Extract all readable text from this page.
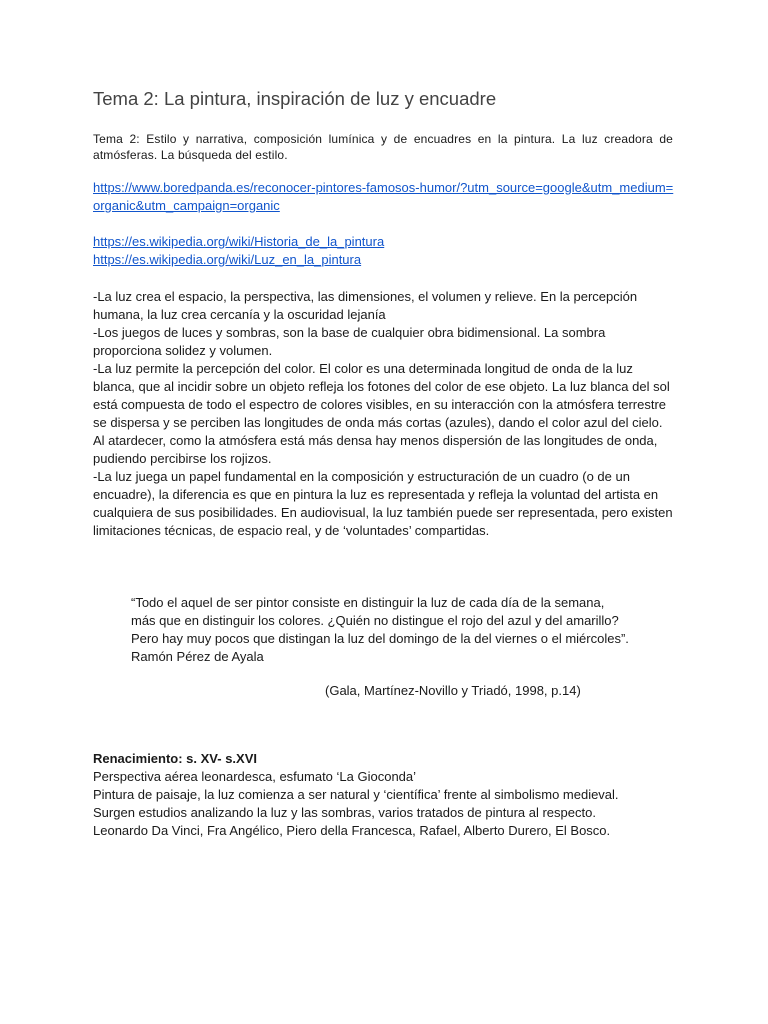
Tema 2: La pintura, inspiración de luz y encuadre

Tema 2: Estilo y narrativa, composición lumínica y de encuadres en la pintura. La luz creadora de atmósferas. La búsqueda del estilo.

https://www.boredpanda.es/reconocer-pintores-famosos-humor/?utm_source=google&utm_medium=organic&utm_campaign=organic
https://es.wikipedia.org/wiki/Historia_de_la_pintura
https://es.wikipedia.org/wiki/Luz_en_la_pintura

-La luz crea el espacio, la perspectiva, las dimensiones, el volumen y relieve. En la percepción humana, la luz crea cercanía y la oscuridad lejanía

-Los juegos de luces y sombras, son la base de cualquier obra bidimensional. La sombra proporciona solidez y volumen.

-La luz permite la percepción del color. El color es una determinada longitud de onda de la luz blanca, que al incidir sobre un objeto refleja los fotones del color de ese objeto. La luz blanca del sol está compuesta de todo el espectro de colores visibles, en su interacción con la atmósfera terrestre se dispersa y se perciben las longitudes de onda más cortas (azules), dando el color azul del cielo. Al atardecer, como la atmósfera está más densa hay menos dispersión de las longitudes de onda, pudiendo percibirse los rojizos.

-La luz juega un papel fundamental en la composición y estructuración de un cuadro (o de un encuadre), la diferencia es que en pintura la luz es representada y refleja la voluntad del artista en cualquiera de sus posibilidades. En audiovisual, la luz también puede ser representada, pero existen limitaciones técnicas, de espacio real, y de ‘voluntades’ compartidas.

“Todo el aquel de ser pintor consiste en distinguir la luz de cada día de la semana, más que en distinguir los colores. ¿Quién no distingue el rojo del azul y del amarillo? Pero hay muy pocos que distingan la luz del domingo de la del viernes o el miércoles”. Ramón Pérez de Ayala

(Gala, Martínez-Novillo y Triadó, 1998, p.14)

Renacimiento: s. XV- s.XVI

Perspectiva aérea leonardesca, esfumato ‘La Gioconda’

Pintura de paisaje, la luz comienza a ser natural y ‘científica’ frente al simbolismo medieval.

Surgen estudios analizando la luz y las sombras, varios tratados de pintura al respecto.

Leonardo Da Vinci, Fra Angélico, Piero della Francesca, Rafael, Alberto Durero, El Bosco.
